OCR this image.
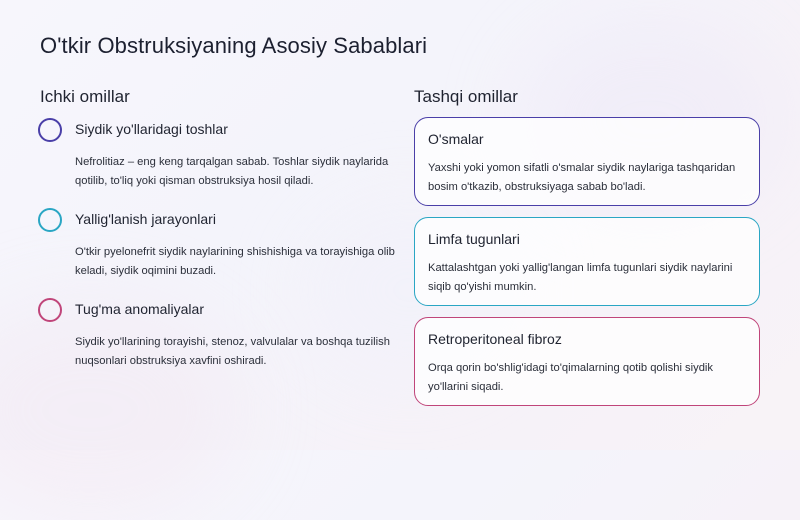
O'tkir Obstruksiyaning Asosiy Sabablari
Ichki omillar	Tashqi omillar
Siydik yo'llaridagi toshlar
Nefrolitiaz – eng keng tarqalgan sabab. Toshlar siydik naylarida qotilib, to'liq yoki qisman obstruksiya hosil qiladi.
Yallig'lanish jarayonlari
O'tkir pyelonefrit siydik naylarining shishishiga va torayishiga olib keladi, siydik oqimini buzadi.
Tug'ma anomaliyalar
Siydik yo'llarining torayishi, stenoz, valvulalar va boshqa tuzilish nuqsonlari obstruksiya xavfini oshiradi.
O'smalar
Yaxshi yoki yomon sifatli o'smalar siydik naylariga tashqaridan bosim o'tkazib, obstruksiyaga sabab bo'ladi.
Limfa tugunlari
Kattalashtgan yoki yallig'langan limfa tugunlari siydik naylarini siqib qo'yishi mumkin.
Retroperitoneal fibroz
Orqa qorin bo'shlig'idagi to'qimalarning qotib qolishi siydik yo'llarini siqadi.
